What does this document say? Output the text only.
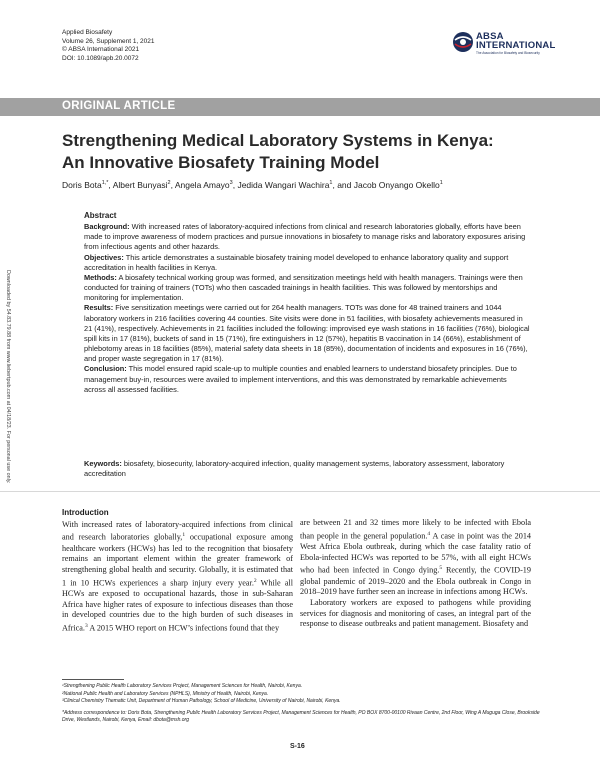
Applied Biosafety
Volume 26, Supplement 1, 2021
© ABSA International 2021
DOI: 10.1089/apb.20.0072
ABSA
INTERNATIONAL
The Association for Biosafety and Biosecurity
ORIGINAL ARTICLE
Strengthening Medical Laboratory Systems in Kenya:
An Innovative Biosafety Training Model
Doris Bota$^{1,*}$, Albert Bunyasi$^2$, Angela Amayo$^3$, Jedida Wangari Wachira$^1$, and Jacob Onyango Okello$^1$
Downloaded by 54.83.79.88 from www.liebertpub.com at 04/18/23. For personal use only.
Abstract

Background: With increased rates of laboratory-acquired infections from clinical and research laboratories globally, efforts have been made to improve awareness of modern practices and pursue innovations in biosafety to manage risks and laboratory exposures arising from infectious agents and other hazards.

Objectives: This article demonstrates a sustainable biosafety training model developed to enhance laboratory quality and support accreditation in health facilities in Kenya.

Methods: A biosafety technical working group was formed, and sensitization meetings held with health managers. Trainings were then conducted for training of trainers (TOTs) who then cascaded trainings in health facilities. This was followed by mentorships and monitoring for implementation.

Results: Five sensitization meetings were carried out for 264 health managers. TOTs was done for 48 trained trainers and 1044 laboratory workers in 216 facilities covering 44 counties. Site visits were done in 51 facilities, with biosafety achievements measured in 21 (41%), respectively. Achievements in 21 facilities included the following: improvised eye wash stations in 16 facilities (76%), biological spill kits in 17 (81%), buckets of sand in 15 (71%), fire extinguishers in 12 (57%), hepatitis B vaccination in 14 (66%), establishment of phlebotomy areas in 18 facilities (85%), material safety data sheets in 18 (85%), documentation of incidents and exposures in 16 (76%), and proper waste segregation in 17 (81%).

Conclusion: This model ensured rapid scale-up to multiple counties and enabled learners to understand biosafety principles. Due to management buy-in, resources were availed to implement interventions, and this was demonstrated by remarkable achievements across all assessed facilities.

Keywords: biosafety, biosecurity, laboratory-acquired infection, quality management systems, laboratory assessment, laboratory accreditation
Introduction

With increased rates of laboratory-acquired infections from clinical and research laboratories globally,$^1$ occupational exposure among healthcare workers (HCWs) has led to the recognition that biosafety remains an important element within the greater framework of strengthening global health and security. Globally, it is estimated that 1 in 10 HCWs experiences a sharp injury every year.$^2$ While all HCWs are exposed to occupational hazards, those in sub-Saharan Africa have higher rates of exposure to infectious diseases than those in developed countries due to the high burden of such diseases in Africa.$^3$ A 2015 WHO report on HCW’s infections found that they

are between 21 and 32 times more likely to be infected with Ebola than people in the general population.$^4$ A case in point was the 2014 West Africa Ebola outbreak, during which the case fatality ratio of Ebola-infected HCWs was reported to be 57%, with all eight HCWs who had been infected in Congo dying.$^5$ Recently, the COVID-19 global pandemic of 2019–2020 and the Ebola outbreak in Congo in 2018–2019 have further seen an increase in infections among HCWs.

Laboratory workers are exposed to pathogens while providing services for diagnosis and monitoring of cases, an integral part of the response to disease outbreaks and patient management. Biosafety and

¹Strengthening Public Health Laboratory Services Project, Management Sciences for Health, Nairobi, Kenya.

²National Public Health and Laboratory Services (NPHLS), Ministry of Health, Nairobi, Kenya.

³Clinical Chemistry Thematic Unit, Department of Human Pathology, School of Medicine, University of Nairobi, Nairobi, Kenya.

*Address correspondence to: Doris Bota, Strengthening Public Health Laboratory Services Project, Management Sciences for Health, PO BOX 8700-00100 Rivaan Centre, 2nd Floor, Wing A Muguga Close, Brookside Drive, Westlands, Nairobi, Kenya, Email: dbota@msh.org

S-16
